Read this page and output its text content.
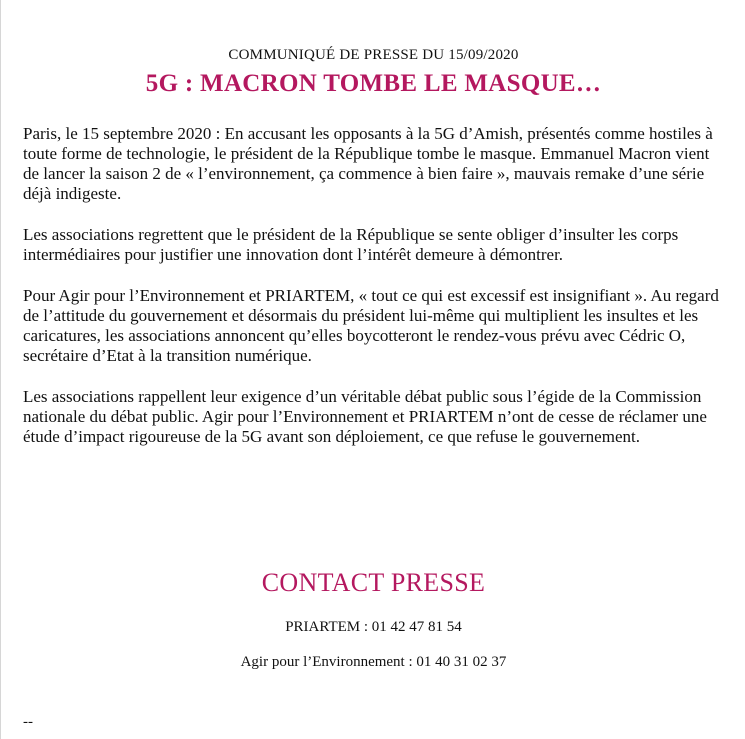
COMMUNIQUÉ DE PRESSE DU 15/09/2020
5G : MACRON TOMBE LE MASQUE…

Paris, le 15 septembre 2020 : En accusant les opposants à la 5G d’Amish, présentés comme hostiles à toute forme de technologie, le président de la République tombe le masque. Emmanuel Macron vient de lancer la saison 2 de « l’environnement, ça commence à bien faire », mauvais remake d’une série déjà indigeste.

Les associations regrettent que le président de la République se sente obliger d’insulter les corps intermédiaires pour justifier une innovation dont l’intérêt demeure à démontrer.

Pour Agir pour l’Environnement et PRIARTEM, « tout ce qui est excessif est insignifiant ». Au regard de l’attitude du gouvernement et désormais du président lui-même qui multiplient les insultes et les caricatures, les associations annoncent qu’elles boycotteront le rendez-vous prévu avec Cédric O, secrétaire d’Etat à la transition numérique.

Les associations rappellent leur exigence d’un véritable débat public sous l’égide de la Commission nationale du débat public. Agir pour l’Environnement et PRIARTEM n’ont de cesse de réclamer une étude d’impact rigoureuse de la 5G avant son déploiement, ce que refuse le gouvernement.

CONTACT PRESSE
PRIARTEM : 01 42 47 81 54
Agir pour l’Environnement : 01 40 31 02 37
--
